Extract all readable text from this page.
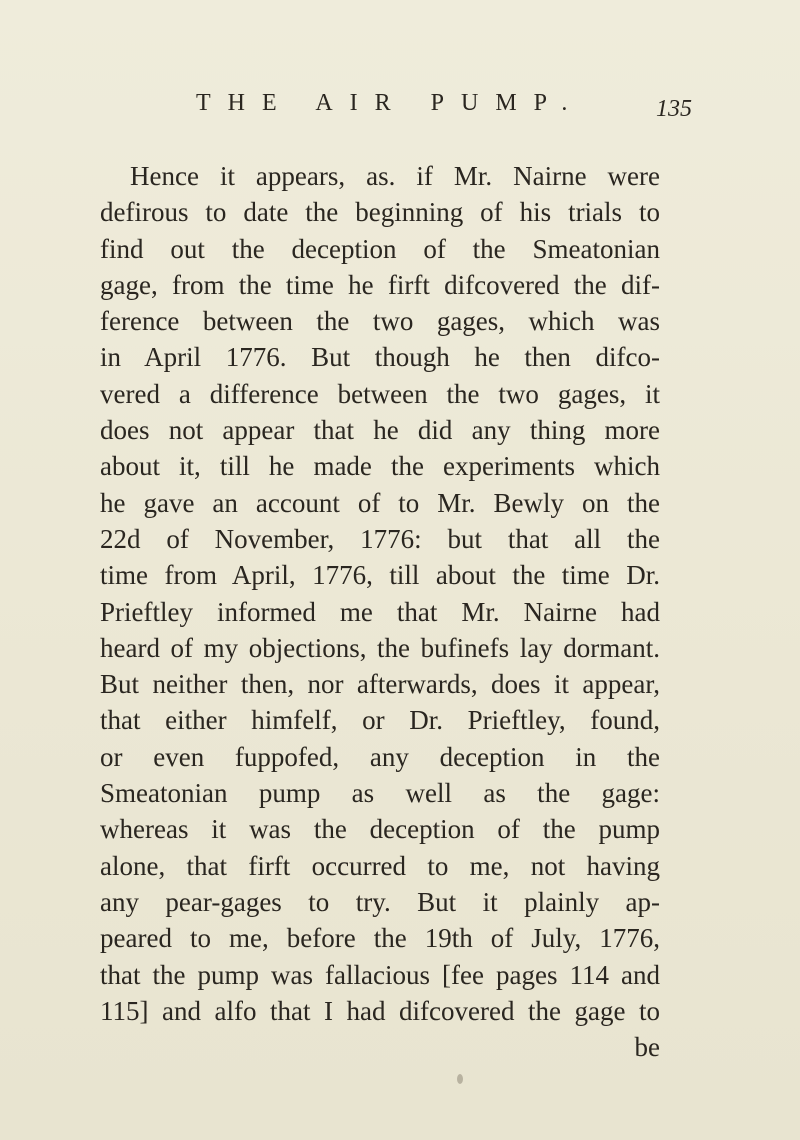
THE AIR PUMP.	135
Hence it appears, as. if Mr. Nairne were
defirous to date the beginning of his trials to
find out the deception of the Smeatonian
gage, from the time he firft difcovered the dif-
ference between the two gages, which was
in April 1776. But though he then difco-
vered a difference between the two gages, it
does not appear that he did any thing more
about it, till he made the experiments which
he gave an account of to Mr. Bewly on the
22d of November, 1776: but that all the
time from April, 1776, till about the time Dr.
Prieftley informed me that Mr. Nairne had
heard of my objections, the bufinefs lay dormant.
But neither then, nor afterwards, does it appear,
that either himfelf, or Dr. Prieftley, found,
or even fuppofed, any deception in the
Smeatonian pump as well as the gage:
whereas it was the deception of the pump
alone, that firft occurred to me, not having
any pear-gages to try. But it plainly ap-
peared to me, before the 19th of July, 1776,
that the pump was fallacious [fee pages 114 and
115] and alfo that I had difcovered the gage to
be
